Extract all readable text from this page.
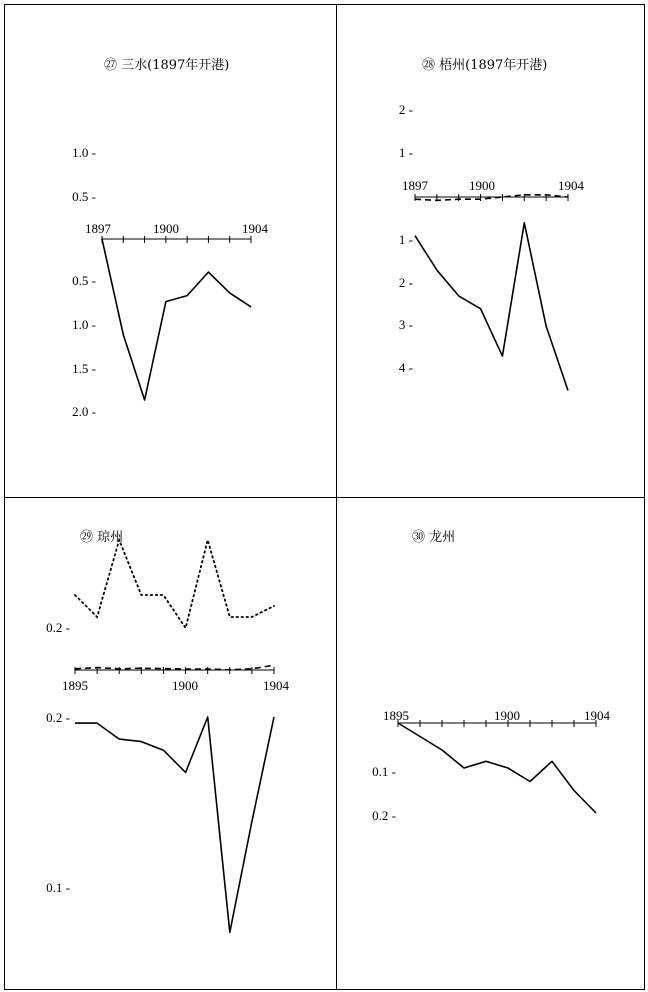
㉗ 三水(1897年开港)	㉘ 梧州(1897年开港)
㉙ 琼州	㉚ 龙州
1897	1900	1904
1.0 -
0.5 -
0.5 -
1.0 -
1.5 -
2.0 -
1897	1900	1904
2 -
1 -
1 -
2 -
3 -
4 -
1895	1900	1904
0.2 -
0.2 -
0.1 -
1895	1900	1904
0.1 -
0.2 -
